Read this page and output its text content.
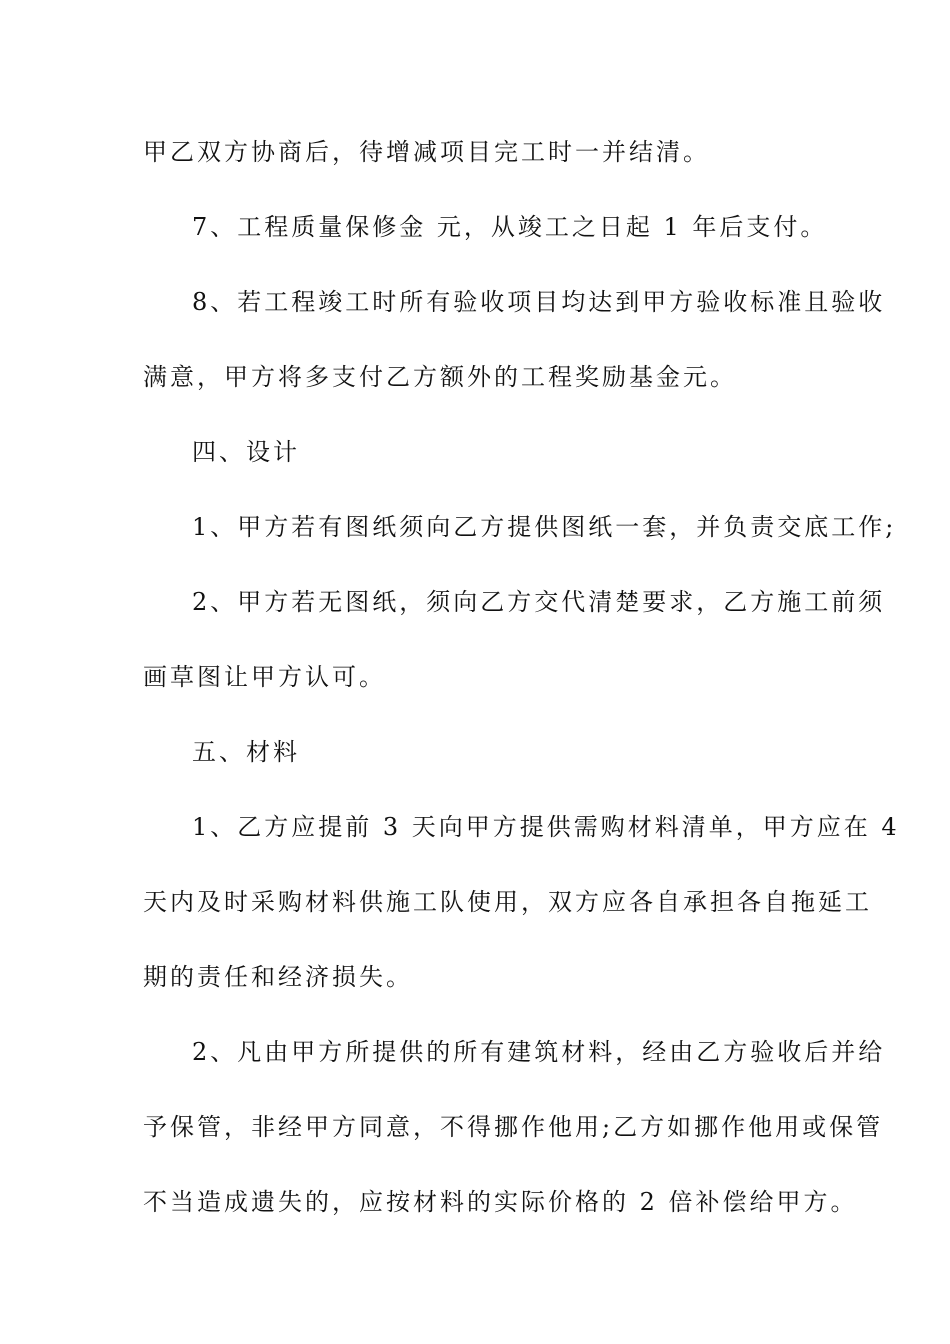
甲乙双方协商后，待增减项目完工时一并结清。
7、工程质量保修金 元，从竣工之日起 1 年后支付。
8、若工程竣工时所有验收项目均达到甲方验收标准且验收
满意，甲方将多支付乙方额外的工程奖励基金元。
四、设计
1、甲方若有图纸须向乙方提供图纸一套，并负责交底工作;
2、甲方若无图纸，须向乙方交代清楚要求，乙方施工前须
画草图让甲方认可。
五、材料
1、乙方应提前 3 天向甲方提供需购材料清单，甲方应在 4
天内及时采购材料供施工队使用，双方应各自承担各自拖延工
期的责任和经济损失。
2、凡由甲方所提供的所有建筑材料，经由乙方验收后并给
予保管，非经甲方同意，不得挪作他用;乙方如挪作他用或保管
不当造成遗失的，应按材料的实际价格的 2 倍补偿给甲方。
